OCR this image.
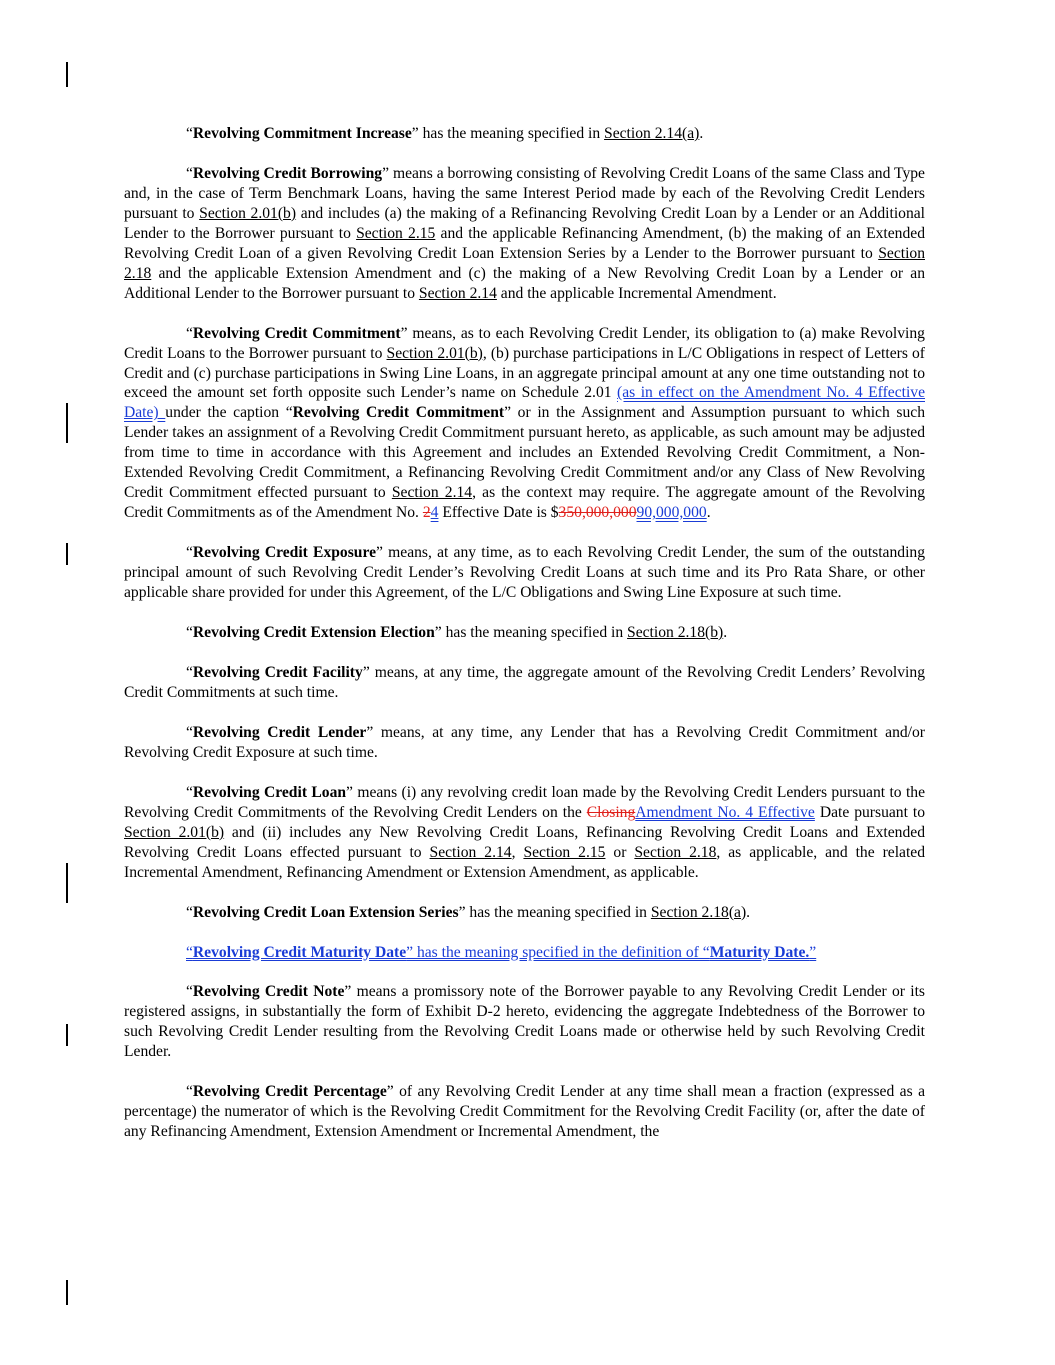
“Revolving Commitment Increase” has the meaning specified in Section 2.14(a).

“Revolving Credit Borrowing” means a borrowing consisting of Revolving Credit Loans of the same Class and Type and, in the case of Term Benchmark Loans, having the same Interest Period made by each of the Revolving Credit Lenders pursuant to Section 2.01(b) and includes (a) the making of a Refinancing Revolving Credit Loan by a Lender or an Additional Lender to the Borrower pursuant to Section 2.15 and the applicable Refinancing Amendment, (b) the making of an Extended Revolving Credit Loan of a given Revolving Credit Loan Extension Series by a Lender to the Borrower pursuant to Section 2.18 and the applicable Extension Amendment and (c) the making of a New Revolving Credit Loan by a Lender or an Additional Lender to the Borrower pursuant to Section 2.14 and the applicable Incremental Amendment.

“Revolving Credit Commitment” means, as to each Revolving Credit Lender, its obligation to (a) make Revolving Credit Loans to the Borrower pursuant to Section 2.01(b), (b) purchase participations in L/C Obligations in respect of Letters of Credit and (c) purchase participations in Swing Line Loans, in an aggregate principal amount at any one time outstanding not to exceed the amount set forth opposite such Lender’s name on Schedule 2.01 (as in effect on the Amendment No. 4 Effective Date) under the caption “Revolving Credit Commitment” or in the Assignment and Assumption pursuant to which such Lender takes an assignment of a Revolving Credit Commitment pursuant hereto, as applicable, as such amount may be adjusted from time to time in accordance with this Agreement and includes an Extended Revolving Credit Commitment, a Non-Extended Revolving Credit Commitment, a Refinancing Revolving Credit Commitment and/or any Class of New Revolving Credit Commitment effected pursuant to Section 2.14, as the context may require. The aggregate amount of the Revolving Credit Commitments as of the Amendment No. 24 Effective Date is $350,000,00090,000,000.

“Revolving Credit Exposure” means, at any time, as to each Revolving Credit Lender, the sum of the outstanding principal amount of such Revolving Credit Lender’s Revolving Credit Loans at such time and its Pro Rata Share, or other applicable share provided for under this Agreement, of the L/C Obligations and Swing Line Exposure at such time.

“Revolving Credit Extension Election” has the meaning specified in Section 2.18(b).

“Revolving Credit Facility” means, at any time, the aggregate amount of the Revolving Credit Lenders’ Revolving Credit Commitments at such time.

“Revolving Credit Lender” means, at any time, any Lender that has a Revolving Credit Commitment and/or Revolving Credit Exposure at such time.

“Revolving Credit Loan” means (i) any revolving credit loan made by the Revolving Credit Lenders pursuant to the Revolving Credit Commitments of the Revolving Credit Lenders on the ClosingAmendment No. 4 Effective Date pursuant to Section 2.01(b) and (ii) includes any New Revolving Credit Loans, Refinancing Revolving Credit Loans and Extended Revolving Credit Loans effected pursuant to Section 2.14, Section 2.15 or Section 2.18, as applicable, and the related Incremental Amendment, Refinancing Amendment or Extension Amendment, as applicable.

“Revolving Credit Loan Extension Series” has the meaning specified in Section 2.18(a).

“Revolving Credit Maturity Date” has the meaning specified in the definition of “Maturity Date.”

“Revolving Credit Note” means a promissory note of the Borrower payable to any Revolving Credit Lender or its registered assigns, in substantially the form of Exhibit D-2 hereto, evidencing the aggregate Indebtedness of the Borrower to such Revolving Credit Lender resulting from the Revolving Credit Loans made or otherwise held by such Revolving Credit Lender.

“Revolving Credit Percentage” of any Revolving Credit Lender at any time shall mean a fraction (expressed as a percentage) the numerator of which is the Revolving Credit Commitment for the Revolving Credit Facility (or, after the date of any Refinancing Amendment, Extension Amendment or Incremental Amendment, the
